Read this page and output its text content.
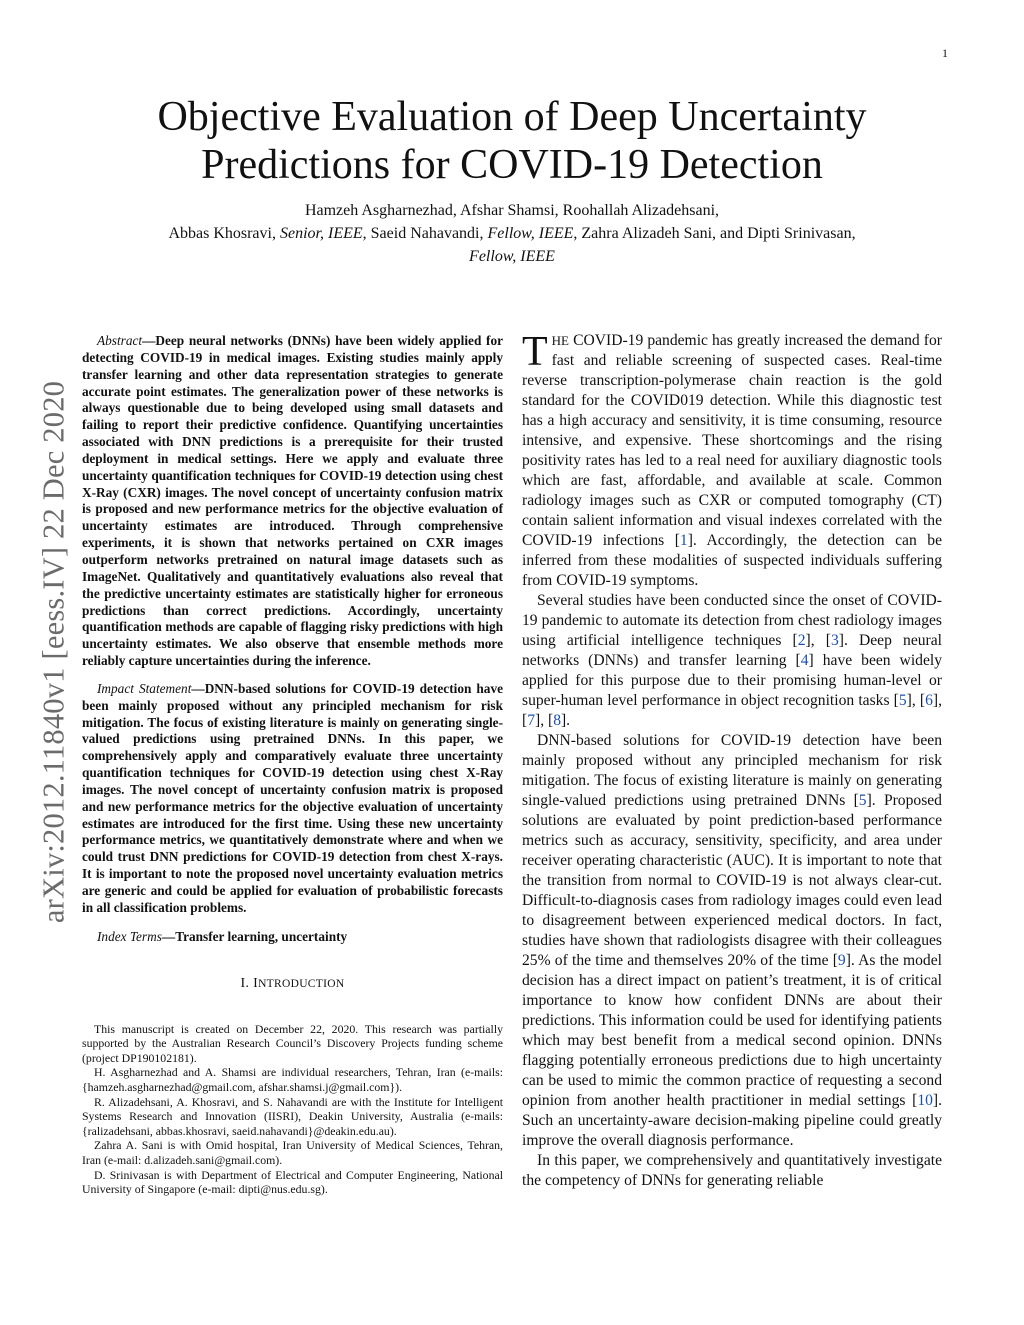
1
arXiv:2012.11840v1 [eess.IV] 22 Dec 2020
Objective Evaluation of Deep Uncertainty
Predictions for COVID-19 Detection
Hamzeh Asgharnezhad, Afshar Shamsi, Roohallah Alizadehsani,
Abbas Khosravi, Senior, IEEE, Saeid Nahavandi, Fellow, IEEE, Zahra Alizadeh Sani, and Dipti Srinivasan,
Fellow, IEEE

Abstract—Deep neural networks (DNNs) have been widely applied for detecting COVID-19 in medical images. Existing studies mainly apply transfer learning and other data representation strategies to generate accurate point estimates. The generalization power of these networks is always questionable due to being developed using small datasets and failing to report their predictive confidence. Quantifying uncertainties associated with DNN predictions is a prerequisite for their trusted deployment in medical settings. Here we apply and evaluate three uncertainty quantification techniques for COVID-19 detection using chest X-Ray (CXR) images. The novel concept of uncertainty confusion matrix is proposed and new performance metrics for the objective evaluation of uncertainty estimates are introduced. Through comprehensive experiments, it is shown that networks pertained on CXR images outperform networks pretrained on natural image datasets such as ImageNet. Qualitatively and quantitatively evaluations also reveal that the predictive uncertainty estimates are statistically higher for erroneous predictions than correct predictions. Accordingly, uncertainty quantification methods are capable of flagging risky predictions with high uncertainty estimates. We also observe that ensemble methods more reliably capture uncertainties during the inference.

Impact Statement—DNN-based solutions for COVID-19 detection have been mainly proposed without any principled mechanism for risk mitigation. The focus of existing literature is mainly on generating single-valued predictions using pretrained DNNs. In this paper, we comprehensively apply and comparatively evaluate three uncertainty quantification techniques for COVID-19 detection using chest X-Ray images. The novel concept of uncertainty confusion matrix is proposed and new performance metrics for the objective evaluation of uncertainty estimates are introduced for the first time. Using these new uncertainty performance metrics, we quantitatively demonstrate where and when we could trust DNN predictions for COVID-19 detection from chest X-rays. It is important to note the proposed novel uncertainty evaluation metrics are generic and could be applied for evaluation of probabilistic forecasts in all classification problems.

Index Terms—Transfer learning, uncertainty

I. INTRODUCTION

This manuscript is created on December 22, 2020. This research was partially supported by the Australian Research Council’s Discovery Projects funding scheme (project DP190102181).

H. Asgharnezhad and A. Shamsi are individual researchers, Tehran, Iran (e-mails: {hamzeh.asgharnezhad@gmail.com, afshar.shamsi.j@gmail.com}).

R. Alizadehsani, A. Khosravi, and S. Nahavandi are with the Institute for Intelligent Systems Research and Innovation (IISRI), Deakin University, Australia (e-mails: {ralizadehsani, abbas.khosravi, saeid.nahavandi}@deakin.edu.au).

Zahra A. Sani is with Omid hospital, Iran University of Medical Sciences, Tehran, Iran (e-mail: d.alizadeh.sani@gmail.com).

D. Srinivasan is with Department of Electrical and Computer Engineering, National University of Singapore (e-mail: dipti@nus.edu.sg).

THE COVID-19 pandemic has greatly increased the demand for fast and reliable screening of suspected cases. Real-time reverse transcription-polymerase chain reaction is the gold standard for the COVID019 detection. While this diagnostic test has a high accuracy and sensitivity, it is time consuming, resource intensive, and expensive. These shortcomings and the rising positivity rates has led to a real need for auxiliary diagnostic tools which are fast, affordable, and available at scale. Common radiology images such as CXR or computed tomography (CT) contain salient information and visual indexes correlated with the COVID-19 infections [1]. Accordingly, the detection can be inferred from these modalities of suspected individuals suffering from COVID-19 symptoms.

Several studies have been conducted since the onset of COVID-19 pandemic to automate its detection from chest radiology images using artificial intelligence techniques [2], [3]. Deep neural networks (DNNs) and transfer learning [4] have been widely applied for this purpose due to their promising human-level or super-human level performance in object recognition tasks [5], [6], [7], [8].

DNN-based solutions for COVID-19 detection have been mainly proposed without any principled mechanism for risk mitigation. The focus of existing literature is mainly on generating single-valued predictions using pretrained DNNs [5]. Proposed solutions are evaluated by point prediction-based performance metrics such as accuracy, sensitivity, specificity, and area under receiver operating characteristic (AUC). It is important to note that the transition from normal to COVID-19 is not always clear-cut. Difficult-to-diagnosis cases from radiology images could even lead to disagreement between experienced medical doctors. In fact, studies have shown that radiologists disagree with their colleagues 25% of the time and themselves 20% of the time [9]. As the model decision has a direct impact on patient’s treatment, it is of critical importance to know how confident DNNs are about their predictions. This information could be used for identifying patients which may best benefit from a medical second opinion. DNNs flagging potentially erroneous predictions due to high uncertainty can be used to mimic the common practice of requesting a second opinion from another health practitioner in medial settings [10]. Such an uncertainty-aware decision-making pipeline could greatly improve the overall diagnosis performance.

In this paper, we comprehensively and quantitatively investigate the competency of DNNs for generating reliable
